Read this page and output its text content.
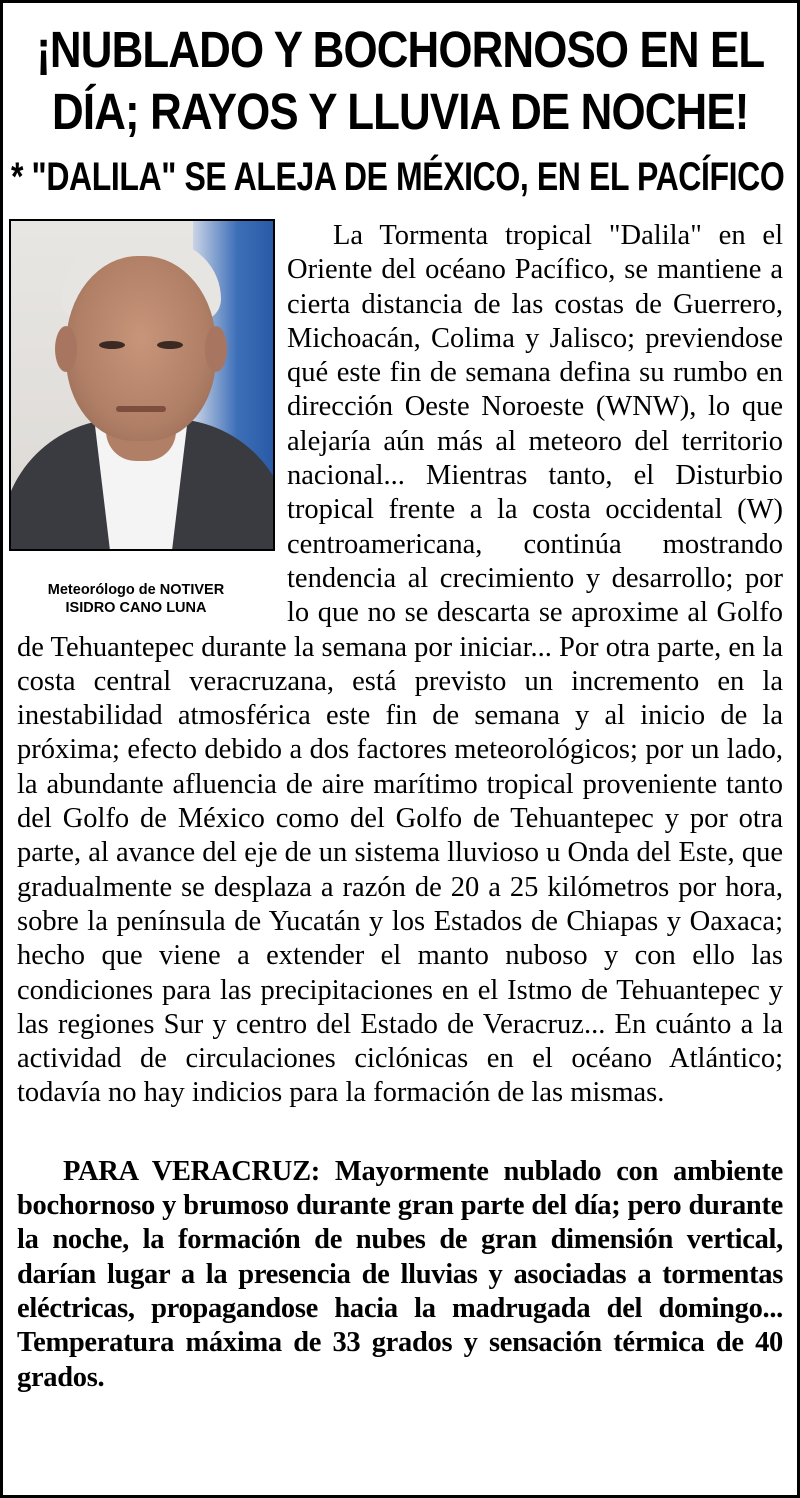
¡NUBLADO Y BOCHORNOSO EN EL
DÍA; RAYOS Y LLUVIA DE NOCHE!
* "DALILA" SE ALEJA DE MÉXICO, EN EL PACÍFICO
Meteorólogo de NOTIVER
ISIDRO CANO LUNA

La Tormenta tropical "Dalila" en el Oriente del océano Pacífico, se mantiene a cierta distancia de las costas de Guerrero, Michoacán, Colima y Jalisco; previendose qué este fin de semana defina su rumbo en dirección Oeste Noroeste (WNW), lo que alejaría aún más al meteoro del territorio nacional... Mientras tanto, el Disturbio tropical frente a la costa occidental (W) centroamericana, continúa mostrando tendencia al crecimiento y desarrollo; por lo que no se descarta se aproxime al Golfo de Tehuantepec durante la semana por iniciar... Por otra parte, en la costa central veracruzana, está previsto un incremento en la inestabilidad atmosférica este fin de semana y al inicio de la próxima; efecto debido a dos factores meteorológicos; por un lado, la abundante afluencia de aire marítimo tropical proveniente tanto del Golfo de México como del Golfo de Tehuantepec y por otra parte, al avance del eje de un sistema lluvioso u Onda del Este, que gradualmente se desplaza a razón de 20 a 25 kilómetros por hora, sobre la península de Yucatán y los Estados de Chiapas y Oaxaca; hecho que viene a extender el manto nuboso y con ello las condiciones para las precipitaciones en el Istmo de Tehuantepec y las regiones Sur y centro del Estado de Veracruz... En cuánto a la actividad de circulaciones ciclónicas en el océano Atlántico; todavía no hay indicios para la formación de las mismas.

PARA VERACRUZ: Mayormente nublado con ambiente bochornoso y brumoso durante gran parte del día; pero durante la noche, la formación de nubes de gran dimensión vertical, darían lugar a la presencia de lluvias y asociadas a tormentas eléctricas, propagandose hacia la madrugada del domingo... Temperatura máxima de 33 grados y sensación térmica de 40 grados.
